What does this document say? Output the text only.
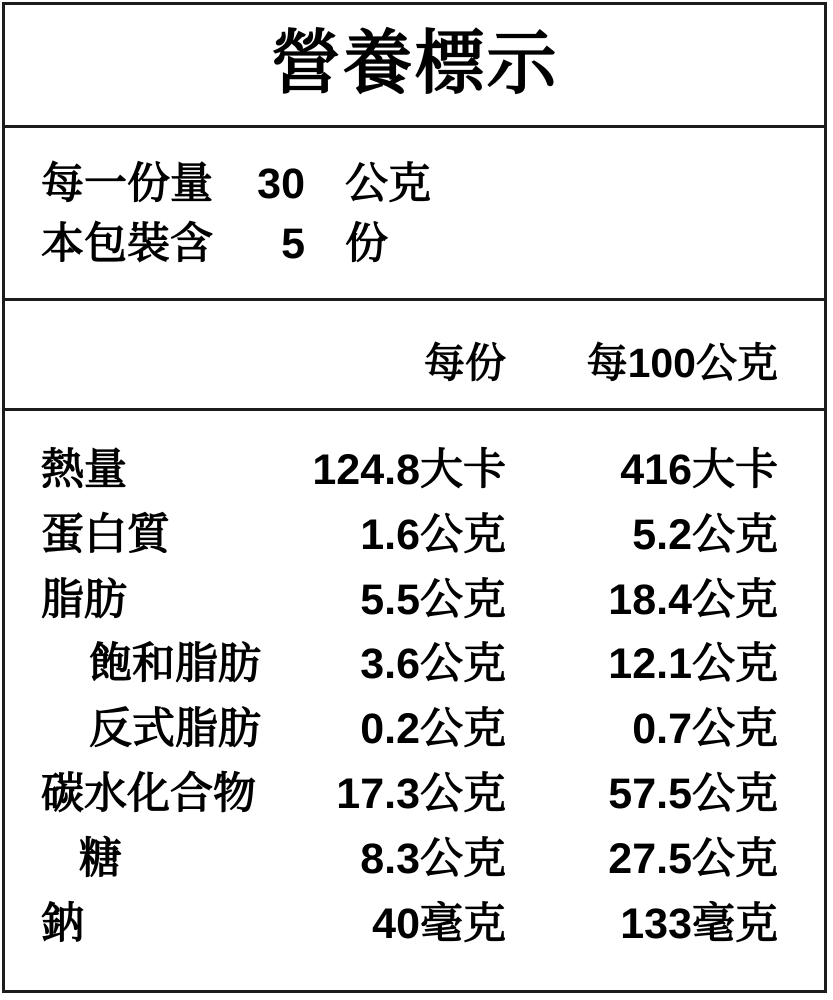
營養標示
每一份量	30 公克
本包裝含	5 份
每份	每100公克
熱量	124.8大卡	416大卡
蛋白質	1.6公克	5.2公克
脂肪	5.5公克	18.4公克
飽和脂肪	3.6公克	12.1公克
反式脂肪	0.2公克	0.7公克
碳水化合物	17.3公克	57.5公克
糖	8.3公克	27.5公克
鈉	40毫克	133毫克
